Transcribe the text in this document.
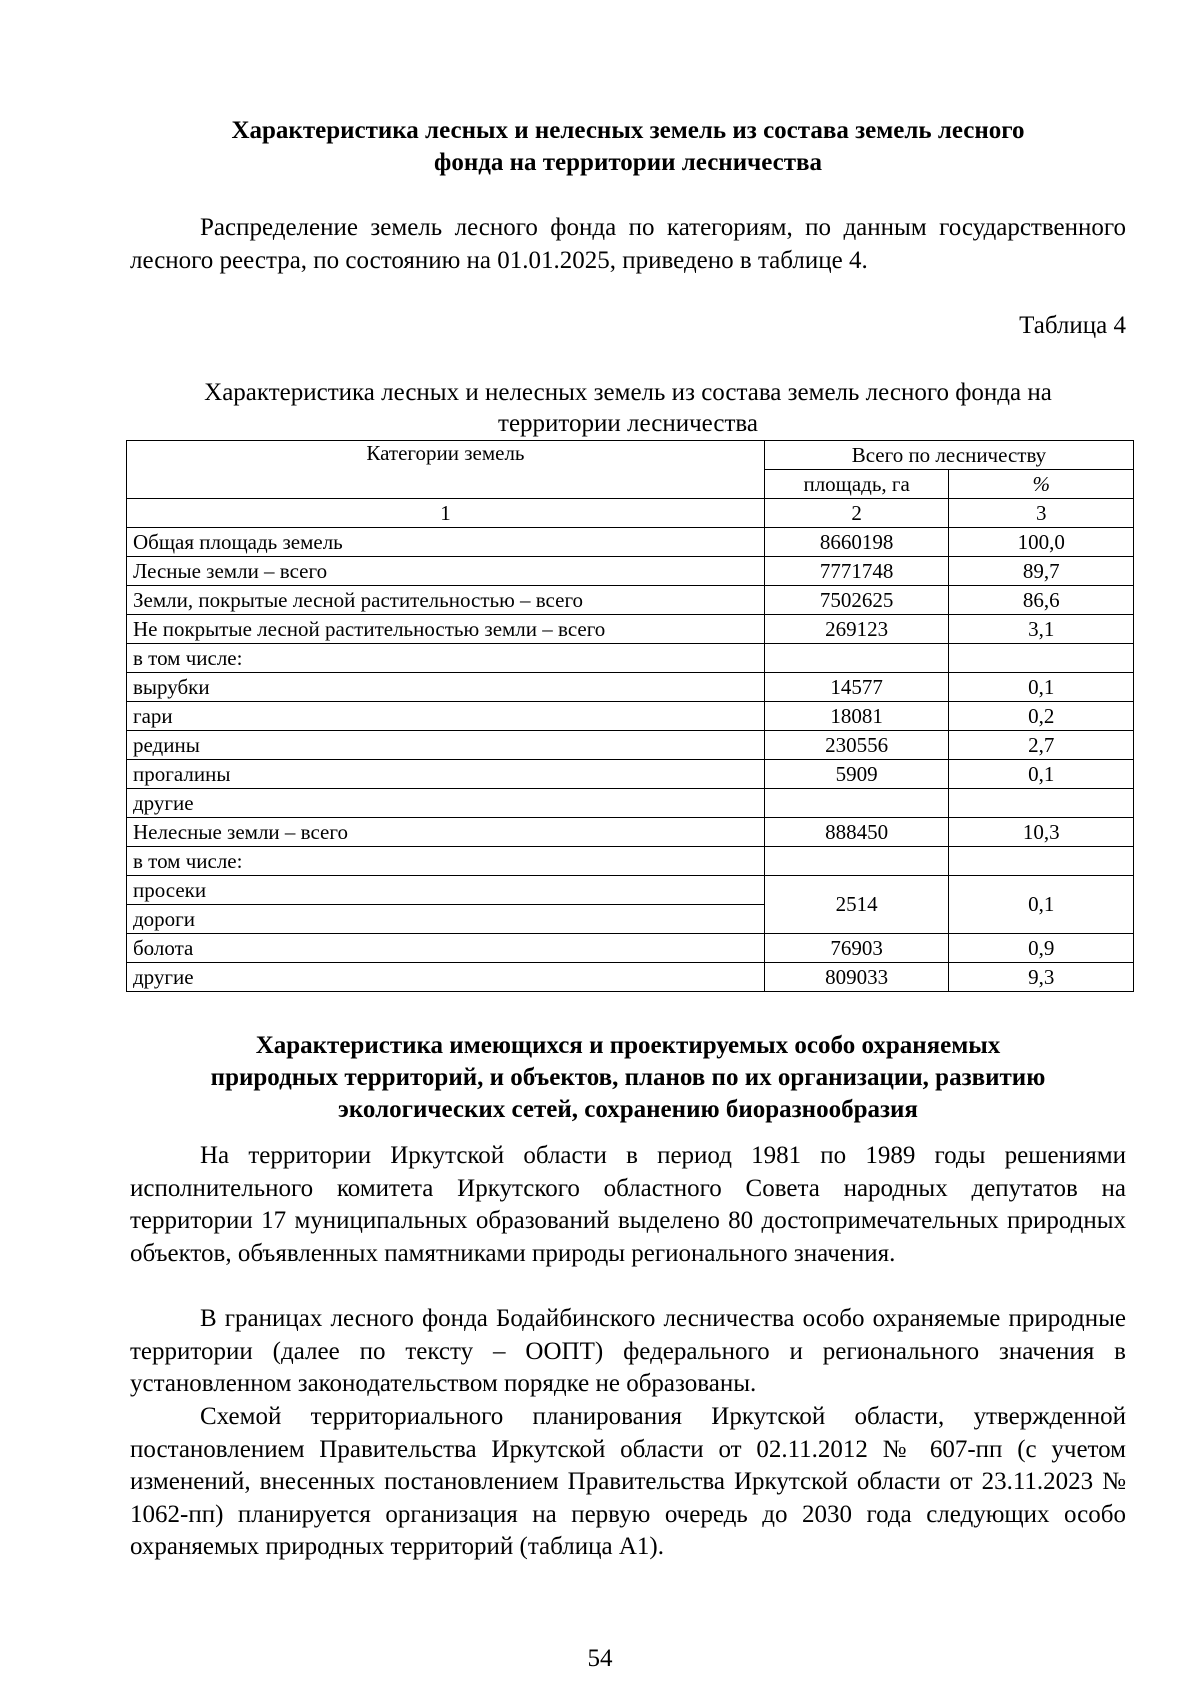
Характеристика лесных и нелесных земель из состава земель лесного
фонда на территории лесничества

Распределение земель лесного фонда по категориям, по данным государственного лесного реестра, по состоянию на 01.01.2025, приведено в таблице 4.

Таблица 4
Характеристика лесных и нелесных земель из состава земель лесного фонда на
территории лесничества
Категории земель	Всего по лесничеству	
	площадь, га	%
1	2	3
Общая площадь земель	8660198	100,0
Лесные земли – всего	7771748	89,7
Земли, покрытые лесной растительностью – всего	7502625	86,6
Не покрытые лесной растительностью земли – всего	269123	3,1
в том числе:		
вырубки	14577	0,1
гари	18081	0,2
редины	230556	2,7
прогалины	5909	0,1
другие		
Нелесные земли – всего	888450	10,3
в том числе:		
просеки	2514	0,1
дороги		
болота	76903	0,9
другие	809033	9,3
Характеристика имеющихся и проектируемых особо охраняемых
природных территорий, и объектов, планов по их организации, развитию
экологических сетей, сохранению биоразнообразия

На территории Иркутской области в период 1981 по 1989 годы решениями исполнительного комитета Иркутского областного Совета народных депутатов на территории 17 муниципальных образований выделено 80 достопримечательных природных объектов, объявленных памятниками природы регионального значения.

В границах лесного фонда Бодайбинского лесничества особо охраняемые природные территории (далее по тексту – ООПТ) федерального и регионального значения в установленном законодательством порядке не образованы.

Схемой территориального планирования Иркутской области, утвержденной постановлением Правительства Иркутской области от 02.11.2012 № 607-пп (с учетом изменений, внесенных постановлением Правительства Иркутской области от 23.11.2023 № 1062-пп) планируется организация на первую очередь до 2030 года следующих особо охраняемых природных территорий (таблица А1).

54
